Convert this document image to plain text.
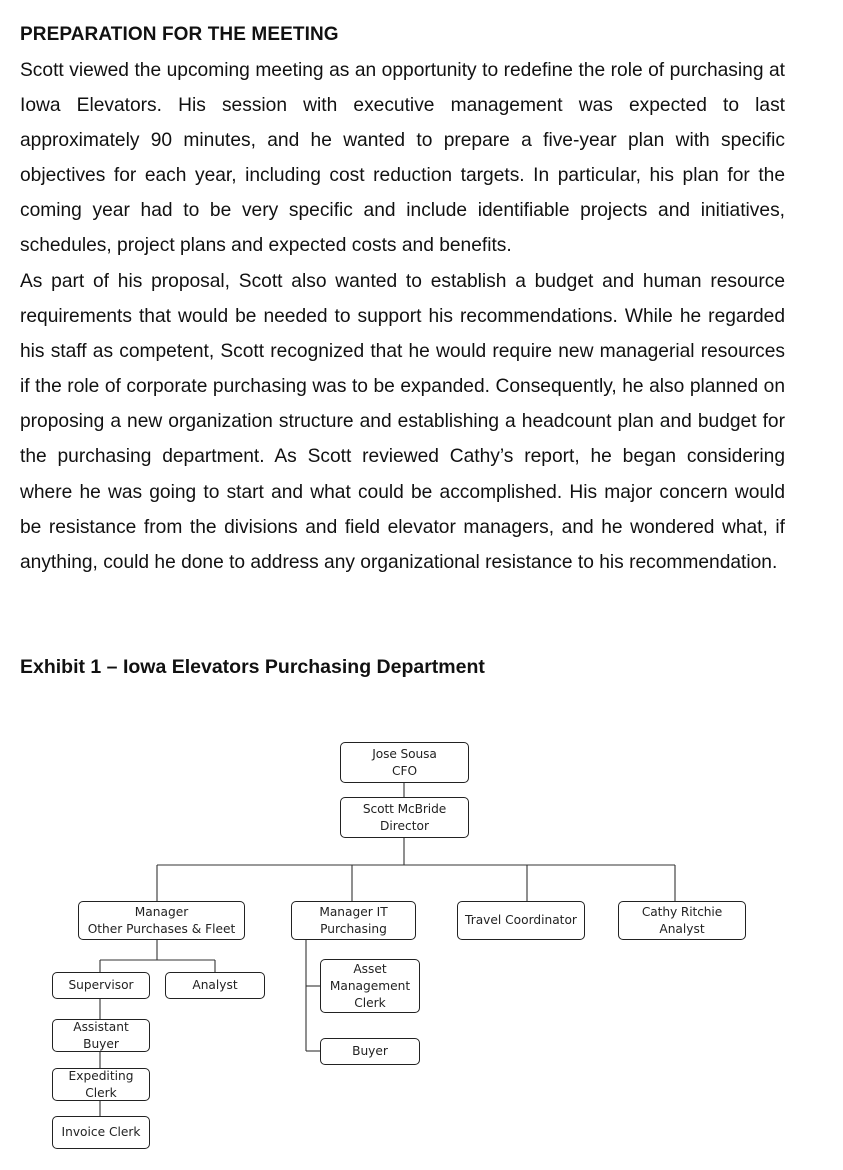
PREPARATION FOR THE MEETING
Scott viewed the upcoming meeting as an opportunity to redefine the role of purchasing at Iowa Elevators. His session with executive management was expected to last approximately 90 minutes, and he wanted to prepare a five-year plan with specific objectives for each year, including cost reduction targets. In particular, his plan for the coming year had to be very specific and include identifiable projects and initiatives, schedules, project plans and expected costs and benefits.
As part of his proposal, Scott also wanted to establish a budget and human resource requirements that would be needed to support his recommendations. While he regarded his staff as competent, Scott recognized that he would require new managerial resources if the role of corporate purchasing was to be expanded. Consequently, he also planned on proposing a new organization structure and establishing a headcount plan and budget for the purchasing department. As Scott reviewed Cathy’s report, he began considering where he was going to start and what could be accomplished. His major concern would be resistance from the divisions and field elevator managers, and he wondered what, if anything, could he done to address any organizational resistance to his recommendation.
Exhibit 1 – Iowa Elevators Purchasing Department
Jose Sousa
CFO
Scott McBride
Director
Manager
Other Purchases & Fleet
Manager IT
Purchasing
Travel Coordinator
Cathy Ritchie
Analyst
Supervisor	Analyst
Asset
Management
Clerk
Buyer
Assistant
Buyer
Expediting
Clerk
Invoice Clerk
